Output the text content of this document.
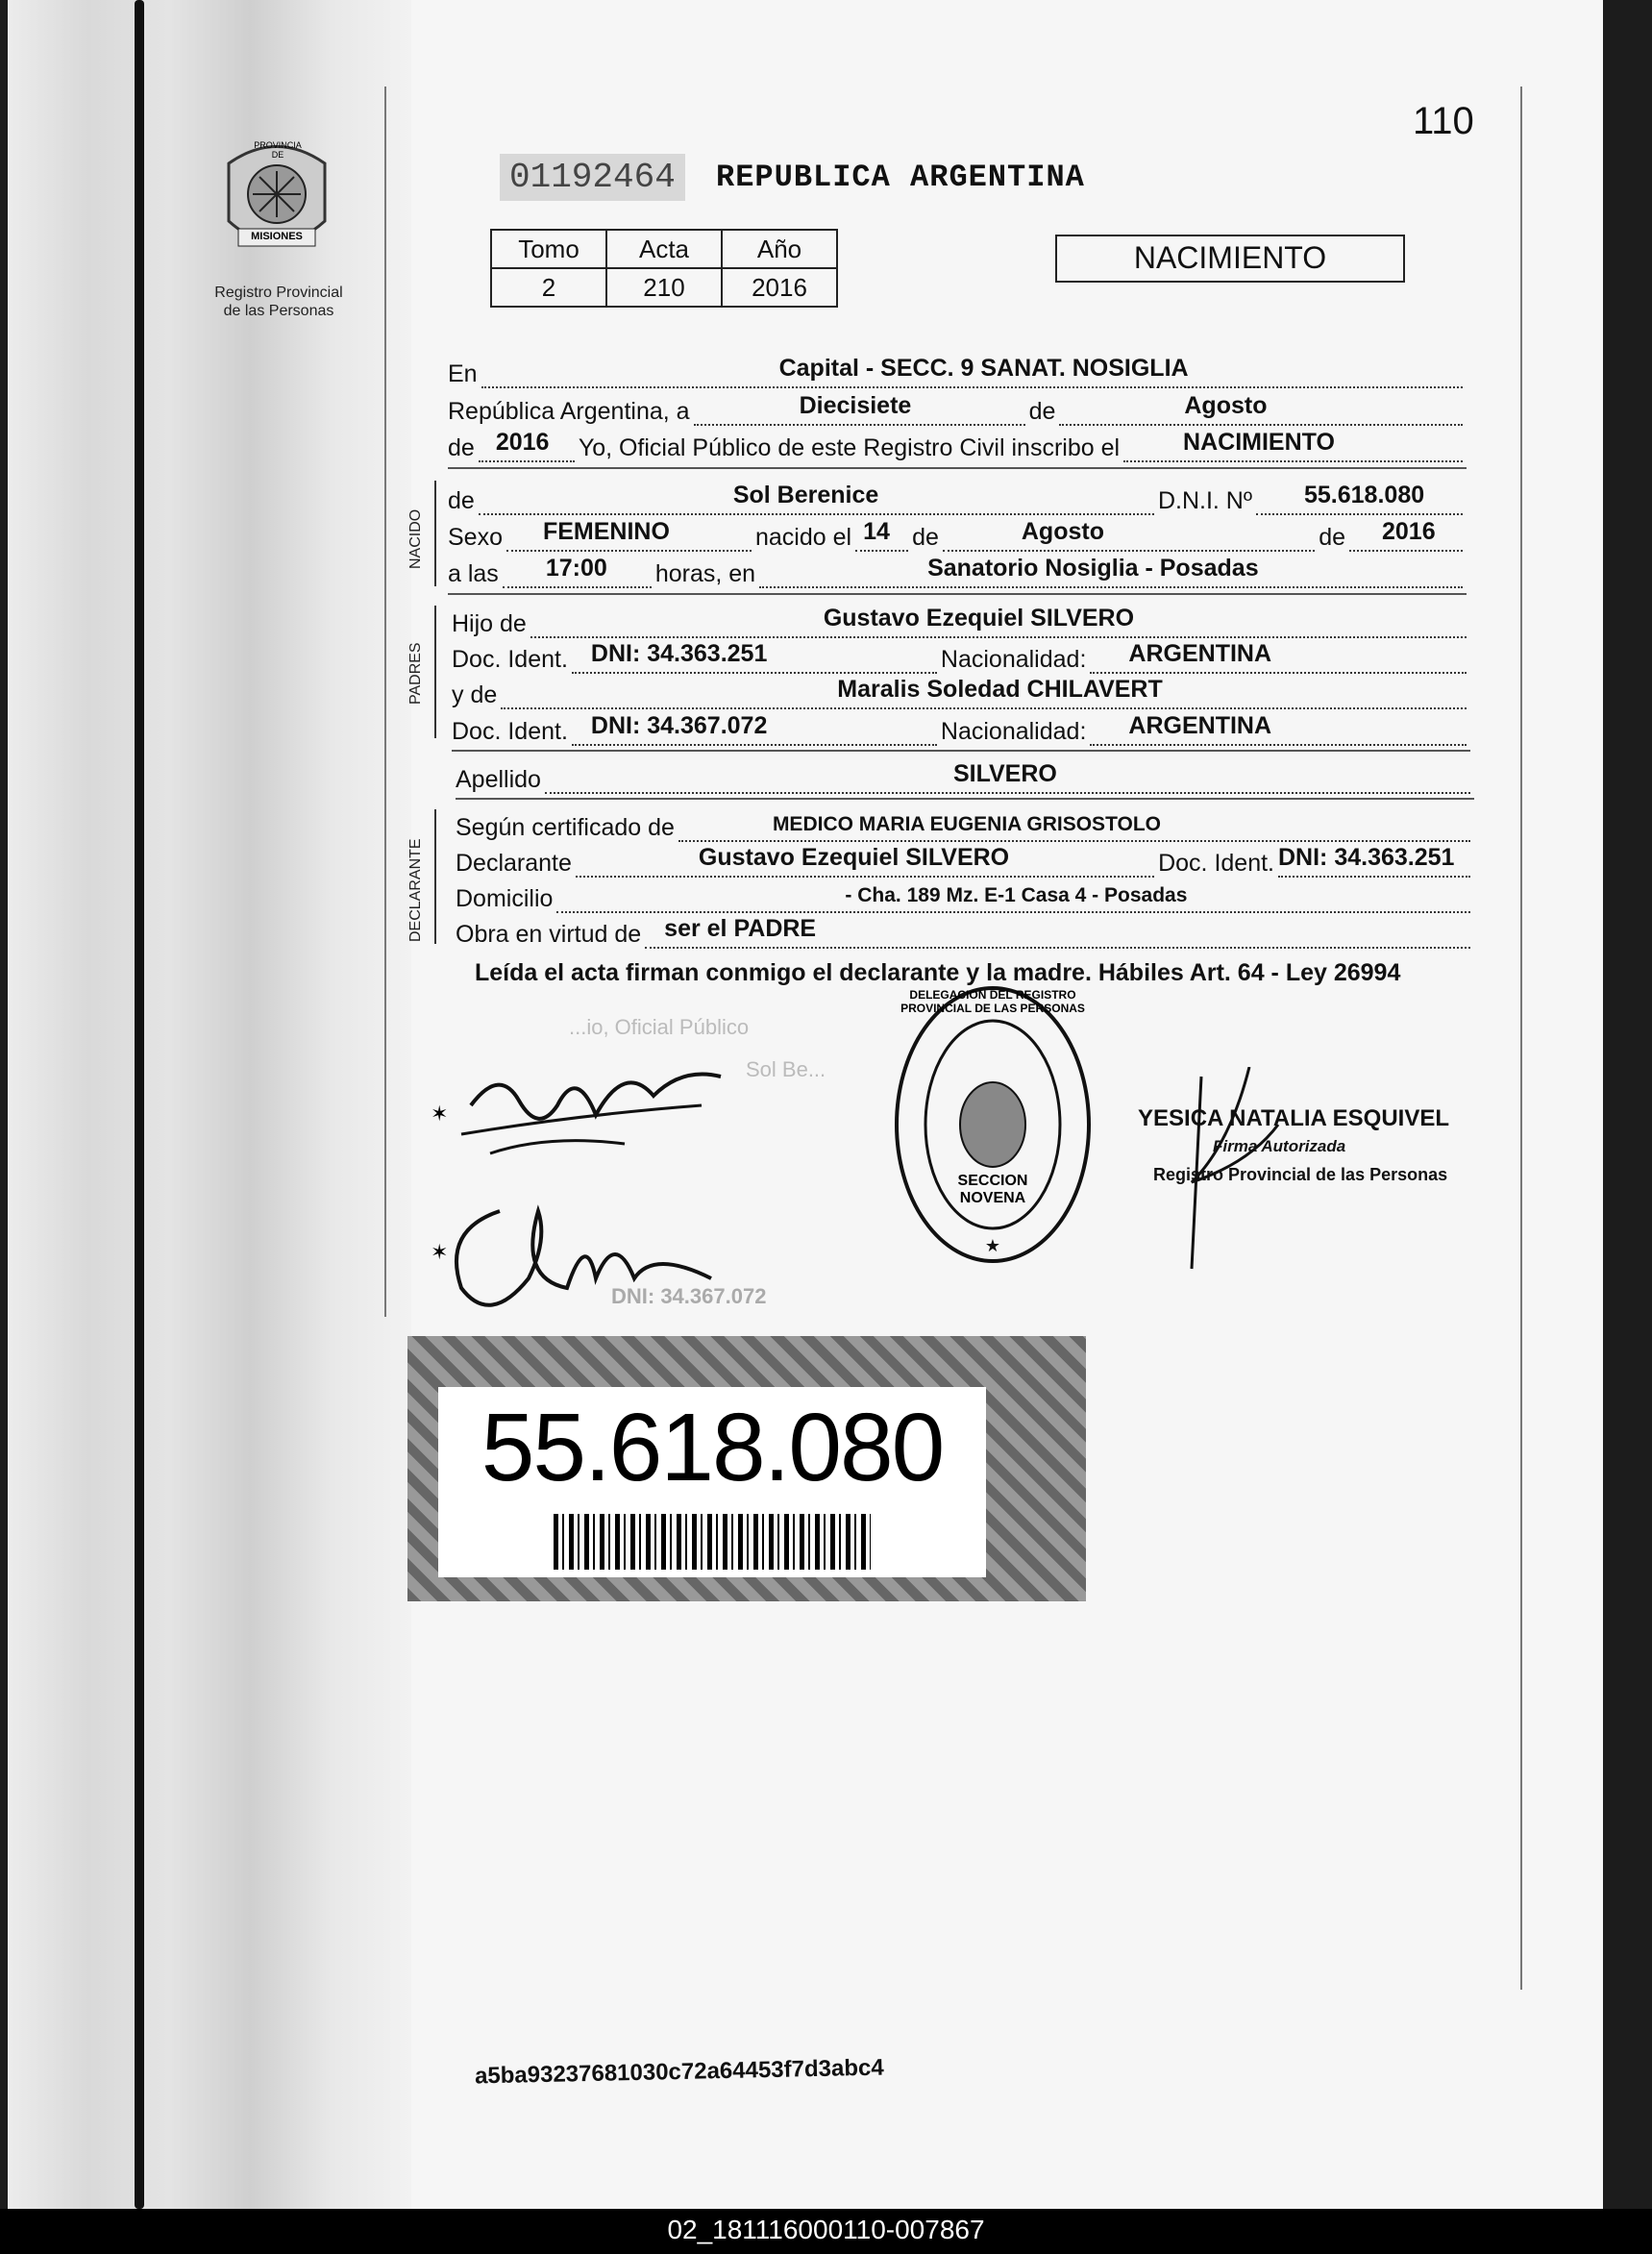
PROVINCIA DE
MISIONES
Registro Provincial
de las Personas
110
01192464	REPUBLICA ARGENTINA
Tomo	Acta	Año
2	210	2016
NACIMIENTO
En	Capital - SECC. 9 SANAT. NOSIGLIA
República Argentina, a	Diecisiete	de	Agosto
de 2016 Yo, Oficial Público de este Registro Civil inscribo el	NACIMIENTO
NACIDO
de	Sol Berenice	D.N.I. Nº 55.618.080
Sexo FEMENINO	nacido el 14 de	Agosto	de 2016
a las 17:00 horas, en	Sanatorio Nosiglia - Posadas
PADRES
Hijo de	Gustavo Ezequiel SILVERO
Doc. Ident. DNI: 34.363.251	Nacionalidad: ARGENTINA
y de	Maralis Soledad CHILAVERT
Doc. Ident. DNI: 34.367.072	Nacionalidad: ARGENTINA
Apellido	SILVERO
DECLARANTE
Según certificado de	MEDICO MARIA EUGENIA GRISOSTOLO
Declarante	Gustavo Ezequiel SILVERO	Doc. Ident. DNI: 34.363.251
Domicilio	- Cha. 189 Mz. E-1 Casa 4 - Posadas
Obra en virtud de ser el PADRE
Leída el acta firman conmigo el declarante y la madre. Hábiles Art. 64 - Ley 26994
...io, Oficial Público
Sol Be...
DNI: 34.367.072
✶
✶	★
DELEGACION DEL REGISTRO PROVINCIAL DE LAS PERSONAS
SECCION NOVENA
YESICA NATALIA ESQUIVEL
Firma Autorizada
Registro Provincial de las Personas
55.618.080
a5ba93237681030c72a64453f7d3abc4
02_181116000110-007867
